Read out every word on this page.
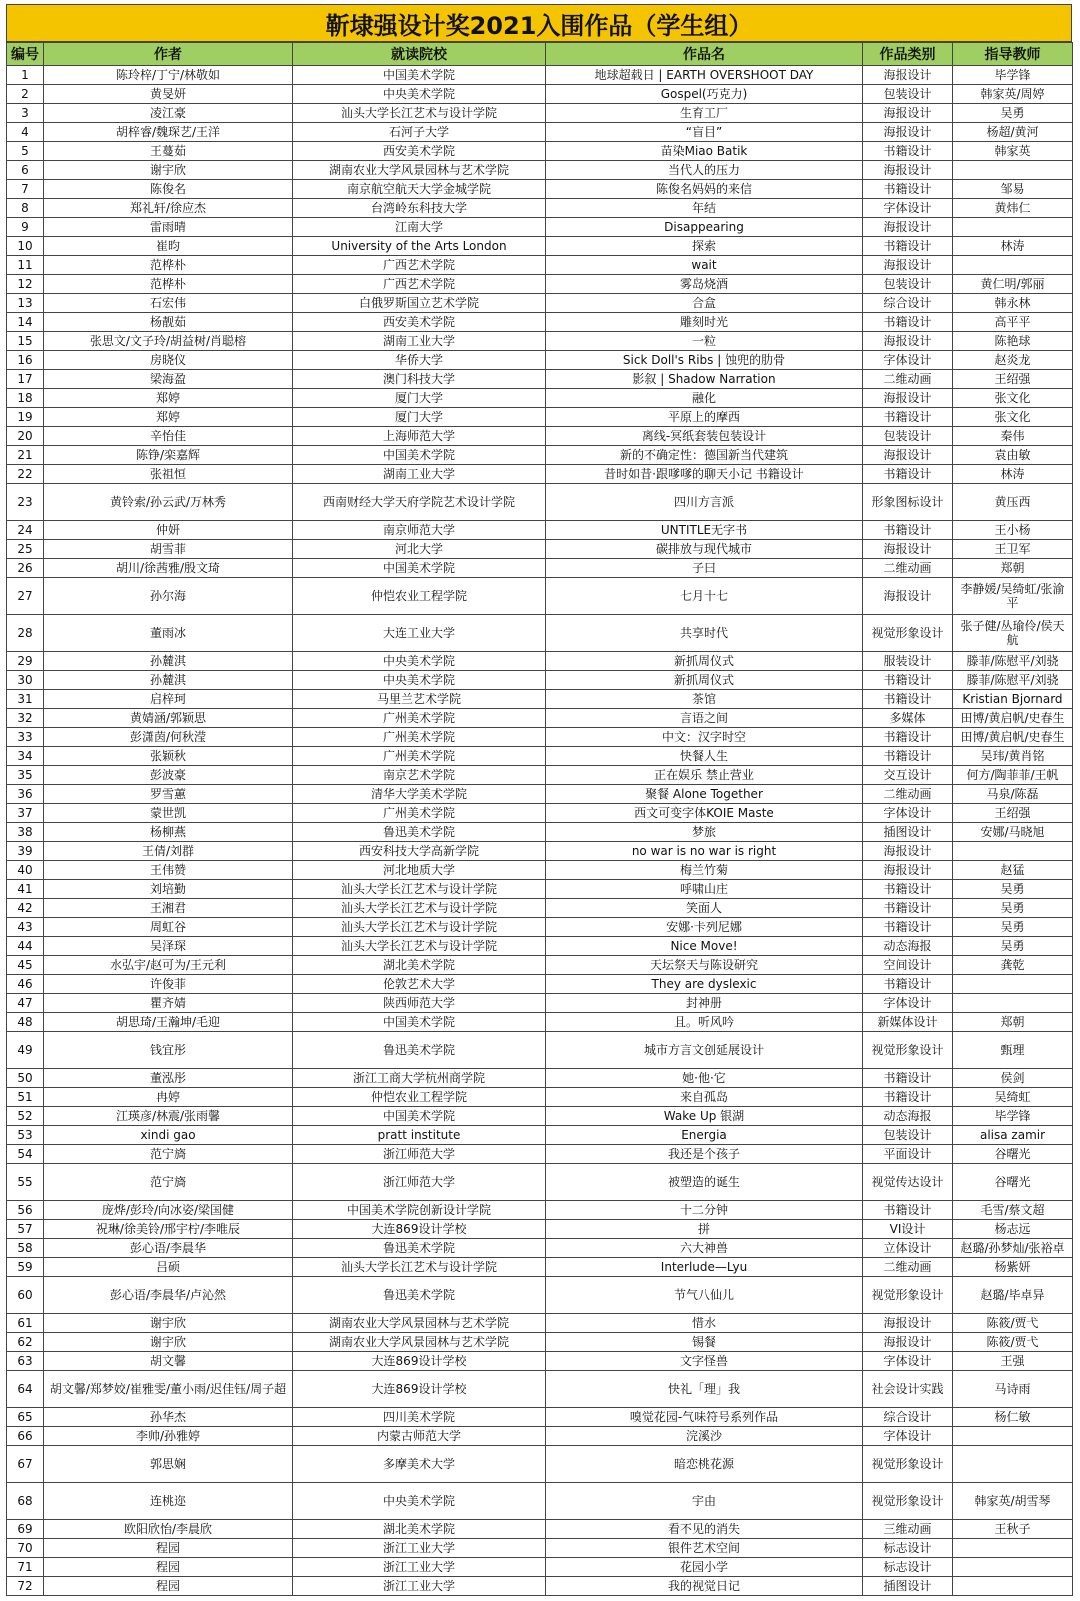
靳埭强设计奖2021入围作品（学生组）
编号	作者	就读院校	作品名	作品类别	指导教师
1	陈玲梓/丁宁/林敬如	中国美术学院	地球超载日 | EARTH OVERSHOOT DAY	海报设计	毕学锋
2	黄旻妍	中央美术学院	Gospel(巧克力)	包装设计	韩家英/周婷
3	凌江豪	汕头大学长江艺术与设计学院	生育工厂	海报设计	吴勇
4	胡梓睿/魏琛艺/王洋	石河子大学	“盲目”	海报设计	杨超/黄河
5	王蔓茹	西安美术学院	苗染Miao Batik	书籍设计	韩家英
6	谢宇欣	湖南农业大学风景园林与艺术学院	当代人的压力	海报设计	
7	陈俊名	南京航空航天大学金城学院	陈俊名妈妈的来信	书籍设计	邹易
8	郑礼轩/徐应杰	台湾岭东科技大学	年结	字体设计	黄炜仁
9	雷雨晴	江南大学	Disappearing	海报设计	
10	崔昀	University of the Arts London	探索	书籍设计	林涛
11	范桦朴	广西艺术学院	wait	海报设计	
12	范桦朴	广西艺术学院	雾岛烧酒	包装设计	黄仁明/郭丽
13	石宏伟	白俄罗斯国立艺术学院	合盒	综合设计	韩永林
14	杨靓茹	西安美术学院	雕刻时光	书籍设计	高平平
15	张思文/文子玲/胡益树/肖聪榕	湖南工业大学	一粒	海报设计	陈艳球
16	房晓仪	华侨大学	Sick Doll's Ribs | 蚀兜的肋骨	字体设计	赵炎龙
17	梁海盈	澳门科技大学	影叙 | Shadow Narration	二维动画	王绍强
18	郑婷	厦门大学	融化	海报设计	张文化
19	郑婷	厦门大学	平原上的摩西	书籍设计	张文化
20	辛怡佳	上海师范大学	离线-冥纸套装包装设计	包装设计	秦伟
21	陈铮/栾嘉辉	中国美术学院	新的不确定性：德国新当代建筑	海报设计	袁由敏
22	张祖恒	湖南工业大学	昔时如昔·跟嗲嗲的聊天小记 书籍设计	书籍设计	林涛
23	黄铃索/孙云武/万林秀	西南财经大学天府学院艺术设计学院	四川方言派	形象图标设计	黄压西
24	仲妍	南京师范大学	UNTITLE无字书	书籍设计	王小杨
25	胡雪菲	河北大学	碳排放与现代城市	海报设计	王卫军
26	胡川/徐茜雅/殷文琦	中国美术学院	子曰	二维动画	郑朝
27	孙尔海	仲恺农业工程学院	七月十七	海报设计	李静媛/吴绮虹/张渝平
28	董雨冰	大连工业大学	共享时代	视觉形象设计	张子健/丛瑜伶/侯天航
29	孙麓淇	中央美术学院	新抓周仪式	服装设计	滕菲/陈慰平/刘骁
30	孙麓淇	中央美术学院	新抓周仪式	书籍设计	滕菲/陈慰平/刘骁
31	启梓珂	马里兰艺术学院	茶馆	书籍设计	Kristian Bjornard
32	黄婧涵/郭颖思	广州美术学院	言语之间	多媒体	田博/黄启帆/史春生
33	彭潇茵/何秋滢	广州美术学院	中文：汉字时空	书籍设计	田博/黄启帆/史春生
34	张颖秋	广州美术学院	快餐人生	书籍设计	吴玮/黄肖铭
35	彭波豪	南京艺术学院	正在娱乐 禁止营业	交互设计	何方/陶菲菲/王帆
36	罗雪蕙	清华大学美术学院	聚餐 Alone Together	二维动画	马泉/陈磊
37	蒙世凯	广州美术学院	西文可变字体KOIE Maste	字体设计	王绍强
38	杨柳燕	鲁迅美术学院	梦旅	插图设计	安娜/马晓旭
39	王倩/刘群	西安科技大学高新学院	no war is no war is right	海报设计	
40	王伟赞	河北地质大学	梅兰竹菊	海报设计	赵猛
41	刘培勤	汕头大学长江艺术与设计学院	呼啸山庄	书籍设计	吴勇
42	王湘君	汕头大学长江艺术与设计学院	笑面人	书籍设计	吴勇
43	周虹谷	汕头大学长江艺术与设计学院	安娜·卡列尼娜	书籍设计	吴勇
44	吴泽琛	汕头大学长江艺术与设计学院	Nice Move!	动态海报	吴勇
45	水弘宇/赵可为/王元利	湖北美术学院	天坛祭天与陈设研究	空间设计	龚乾
46	许俊菲	伦敦艺术大学	They are dyslexic	书籍设计	
47	瞿齐婧	陕西师范大学	封神册	字体设计	
48	胡思琦/王瀚坤/毛迎	中国美术学院	且。听风吟	新媒体设计	郑朝
49	钱宜彤	鲁迅美术学院	城市方言文创延展设计	视觉形象设计	甄理
50	董泓彤	浙江工商大学杭州商学院	她·他·它	书籍设计	侯剑
51	冉婷	仲恺农业工程学院	来自孤岛	书籍设计	吴绮虹
52	江瑛彦/林震/张雨馨	中国美术学院	Wake Up 银湖	动态海报	毕学锋
53	xindi gao	pratt institute	Energia	包装设计	alisa zamir
54	范宁旖	浙江师范大学	我还是个孩子	平面设计	谷曙光
55	范宁旖	浙江师范大学	被塑造的诞生	视觉传达设计	谷曙光
56	庞烨/彭玲/向冰姿/梁国健	中国美术学院创新设计学院	十二分钟	书籍设计	毛雪/蔡文超
57	祝琳/徐美铃/邢宇柠/李唯辰	大连869设计学校	拼	VI设计	杨志远
58	彭心语/李晨华	鲁迅美术学院	六大神兽	立体设计	赵璐/孙梦灿/张裕卓
59	吕硕	汕头大学长江艺术与设计学院	Interlude—Lyu	二维动画	杨紫妍
60	彭心语/李晨华/卢沁然	鲁迅美术学院	节气八仙儿	视觉形象设计	赵璐/毕卓异
61	谢宇欣	湖南农业大学风景园林与艺术学院	惜水	海报设计	陈筱/贾弋
62	谢宇欣	湖南农业大学风景园林与艺术学院	锡餐	海报设计	陈筱/贾弋
63	胡文馨	大连869设计学校	文字怪兽	字体设计	王强
64	胡文馨/郑梦姣/崔雅雯/董小雨/迟佳钰/周子超	大连869设计学校	快礼「理」我	社会设计实践	马诗雨
65	孙华杰	四川美术学院	嗅觉花园-气味符号系列作品	综合设计	杨仁敏
66	李帅/孙雅婷	内蒙古师范大学	浣溪沙	字体设计	
67	郭思娴	多摩美术大学	暗恋桃花源	视觉形象设计	
68	连桃迩	中央美术学院	宇由	视觉形象设计	韩家英/胡雪琴
69	欧阳欣怡/李晨欣	湖北美术学院	看不见的消失	三维动画	王秋子
70	程园	浙江工业大学	银件艺术空间	标志设计	
71	程园	浙江工业大学	花园小学	标志设计	
72	程园	浙江工业大学	我的视觉日记	插图设计	
